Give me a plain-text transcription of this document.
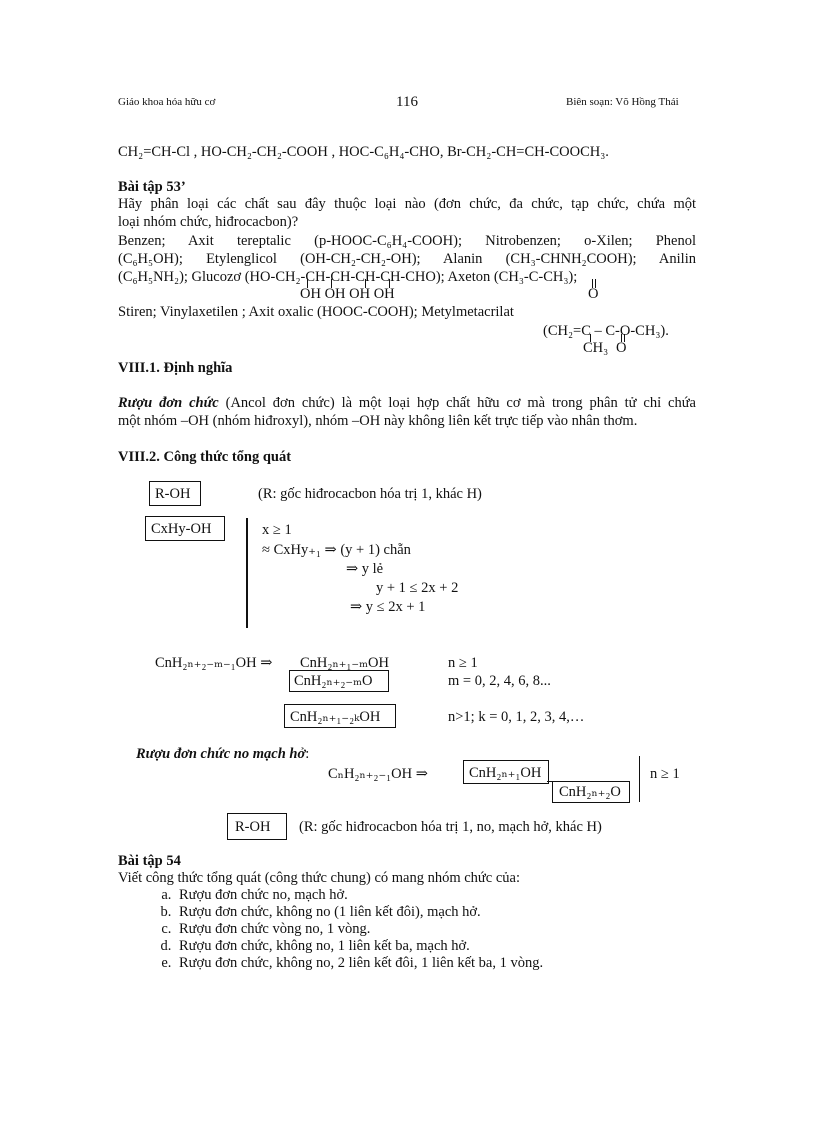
Giáo khoa hóa hữu cơ	116	Biên soạn: Võ Hồng Thái
CH₂=CH-Cl , HO-CH₂-CH₂-COOH , HOC-C₆H₄-CHO, Br-CH₂-CH=CH-COOCH₃.
Bài tập 53’
Hãy phân loại các chất sau đây thuộc loại nào (đơn chức, đa chức, tạp chức, chứa một
loại nhóm chức, hiđrocacbon)?
Benzen; Axit tereptalic (p-HOOC-C₆H₄-COOH); Nitrobenzen; o-Xilen; Phenol
(C₆H₅OH); Etylenglicol (OH-CH₂-CH₂-OH); Alanin (CH₃-CHNH₂COOH); Anilin
(C₆H₅NH₂); Glucozơ (HO-CH₂-CH-CH-CH-CH-CHO); Axeton (CH₃-C-CH₃);
OH OH OH OH	O
Stiren; Vinylaxetilen ; Axit oxalic (HOOC-COOH); Metylmetacrilat
(CH₂=C – C-O-CH₃).
CH₃ O
VIII.1. Định nghĩa
Rượu đơn chức (Ancol đơn chức) là một loại hợp chất hữu cơ mà trong phân tử chỉ chứa
một nhóm –OH (nhóm hiđroxyl), nhóm –OH này không liên kết trực tiếp vào nhân thơm.
VIII.2. Công thức tổng quát
R-OH	(R: gốc hiđrocacbon hóa trị 1, khác H)
CxHy-OH	x ≥ 1
≈ CxHy₊₁ ⇒ (y + 1) chẵn
⇒ y lẻ
y + 1 ≤ 2x + 2
⇒ y ≤ 2x + 1
CnH₂ₙ₊₂₋ₘ₋₁OH ⇒ CnH₂ₙ₊₁₋ₘOH	n ≥ 1
CnH₂ₙ₊₂₋ₘO	m = 0, 2, 4, 6, 8...
CnH₂ₙ₊₁₋₂ₖOH	n>1; k = 0, 1, 2, 3, 4,…
Rượu đơn chức no mạch hở:
CₙH₂ₙ₊₂₋₁OH ⇒	CnH₂ₙ₊₁OH
CnH₂ₙ₊₂O
n ≥ 1
R-OH (R: gốc hiđrocacbon hóa trị 1, no, mạch hở, khác H)
Bài tập 54
Viết công thức tổng quát (công thức chung) có mang nhóm chức của:
a. Rượu đơn chức no, mạch hở.
b. Rượu đơn chức, không no (1 liên kết đôi), mạch hở.
c. Rượu đơn chức vòng no, 1 vòng.
d. Rượu đơn chức, không no, 1 liên kết ba, mạch hở.
e. Rượu đơn chức, không no, 2 liên kết đôi, 1 liên kết ba, 1 vòng.
